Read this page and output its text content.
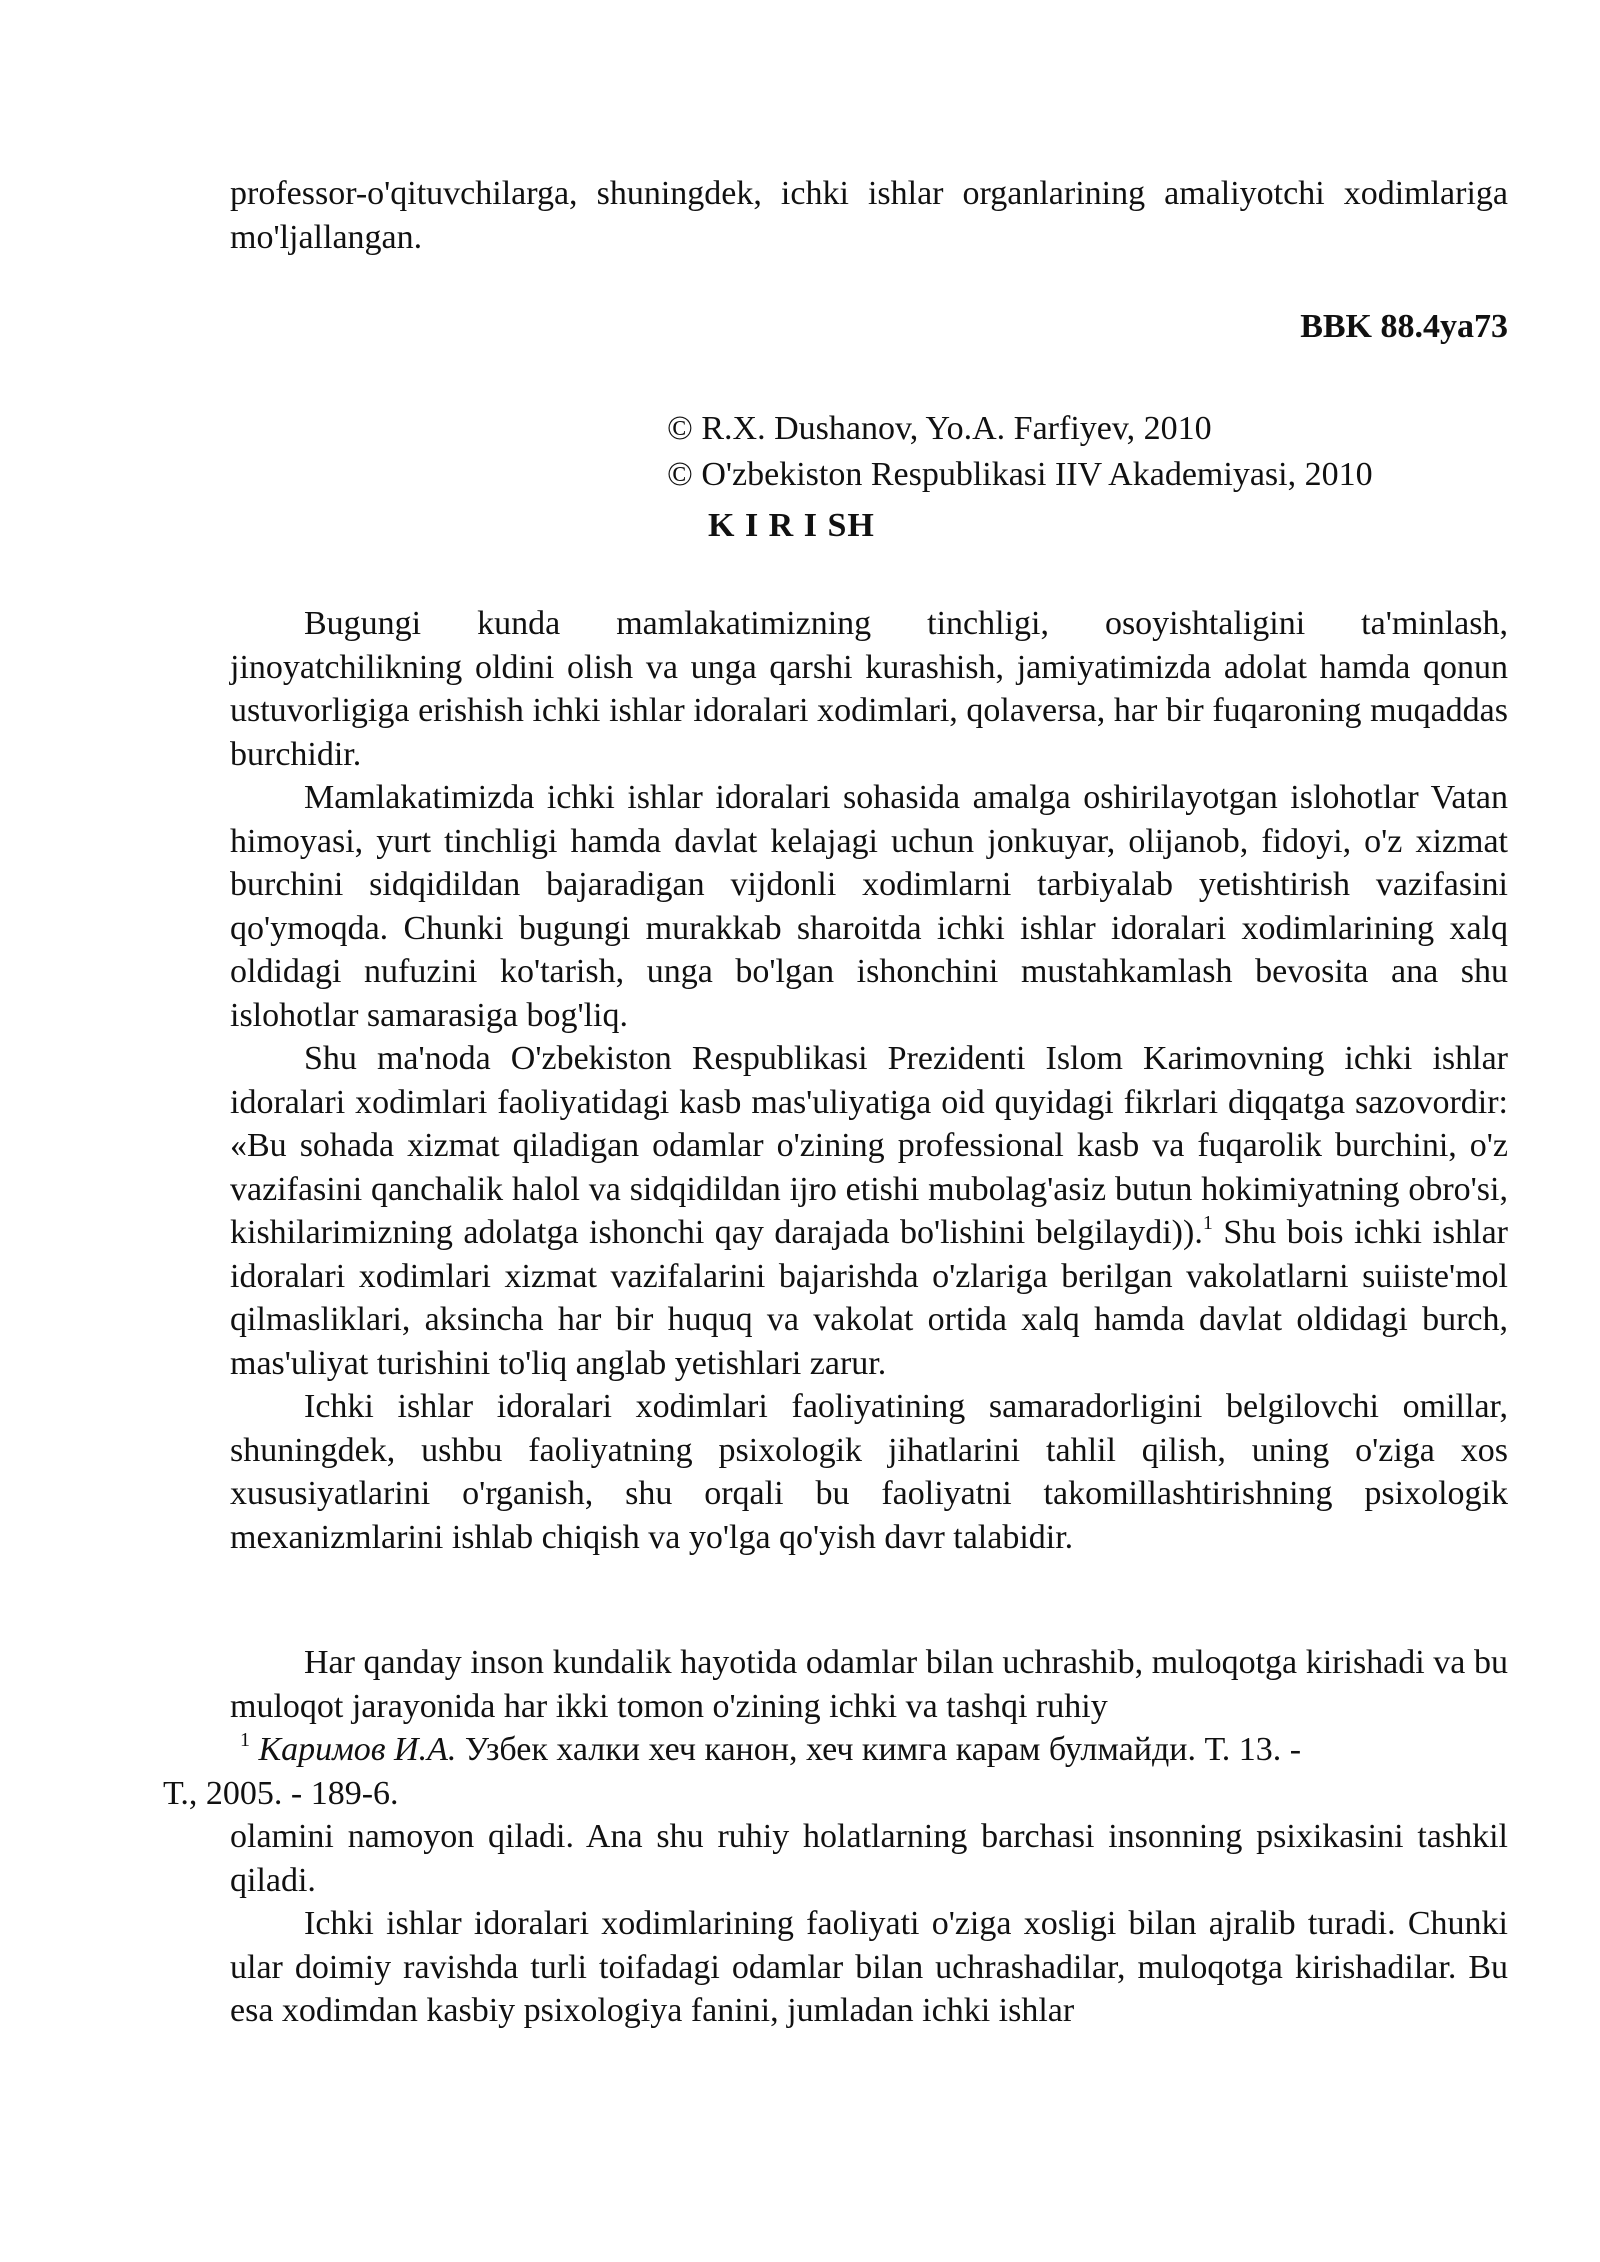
professor-o'qituvchilarga, shuningdek, ichki ishlar organlarining amaliyotchi xodimlariga mo'ljallangan.

BBK 88.4ya73

© R.X. Dushanov, Yo.A. Farfiyev, 2010
© O'zbekiston Respublikasi IIV Akademiyasi, 2010
K I R I SH

Bugungi kunda mamlakatimizning tinchligi, osoyishtaligini ta'minlash, jinoyatchilikning oldini olish va unga qarshi kurashish, jamiyatimizda adolat hamda qonun ustuvorligiga erishish ichki ishlar idoralari xodimlari, qolaversa, har bir fuqaroning muqaddas burchidir.

Mamlakatimizda ichki ishlar idoralari sohasida amalga oshirilayotgan islohotlar Vatan himoyasi, yurt tinchligi hamda davlat kelajagi uchun jonkuyar, olijanob, fidoyi, o'z xizmat burchini sidqidildan bajaradigan vijdonli xodimlarni tarbiyalab yetishtirish vazifasini qo'ymoqda. Chunki bugungi murakkab sharoitda ichki ishlar idoralari xodimlarining xalq oldidagi nufuzini ko'tarish, unga bo'lgan ishonchini mustahkamlash bevosita ana shu islohotlar samarasiga bog'liq.

Shu ma'noda O'zbekiston Respublikasi Prezidenti Islom Karimovning ichki ishlar idoralari xodimlari faoliyatidagi kasb mas'uliyatiga oid quyidagi fikrlari diqqatga sazovordir: «Bu sohada xizmat qiladigan odamlar o'zining professional kasb va fuqarolik burchini, o'z vazifasini qanchalik halol va sidqidildan ijro etishi mubolag'asiz butun hokimiyatning obro'si, kishilarimizning adolatga ishonchi qay darajada bo'lishini belgilaydi)).$^1$ Shu bois ichki ishlar idoralari xodimlari xizmat vazifalarini bajarishda o'zlariga berilgan vakolatlarni suiiste'mol qilmasliklari, aksincha har bir huquq va vakolat ortida xalq hamda davlat oldidagi burch, mas'uliyat turishini to'liq anglab yetishlari zarur.

Ichki ishlar idoralari xodimlari faoliyatining samaradorligini belgilovchi omillar, shuningdek, ushbu faoliyatning psixologik jihatlarini tahlil qilish, uning o'ziga xos xususiyatlarini o'rganish, shu orqali bu faoliyatni takomillashtirishning psixologik mexanizmlarini ishlab chiqish va yo'lga qo'yish davr talabidir.

Har qanday inson kundalik hayotida odamlar bilan uchrashib, muloqotga kirishadi va bu muloqot jarayonida har ikki tomon o'zining ichki va tashqi ruhiy

$^1$ Каримов И.А. Узбек халки хеч канон, хеч кимга карам булмайди. Т. 13. -
Т., 2005. - 189-6.

olamini namoyon qiladi. Ana shu ruhiy holatlarning barchasi insonning psixikasini tashkil qiladi.

Ichki ishlar idoralari xodimlarining faoliyati o'ziga xosligi bilan ajralib turadi. Chunki ular doimiy ravishda turli toifadagi odamlar bilan uchrashadilar, muloqotga kirishadilar. Bu esa xodimdan kasbiy psixologiya fanini, jumladan ichki ishlar
